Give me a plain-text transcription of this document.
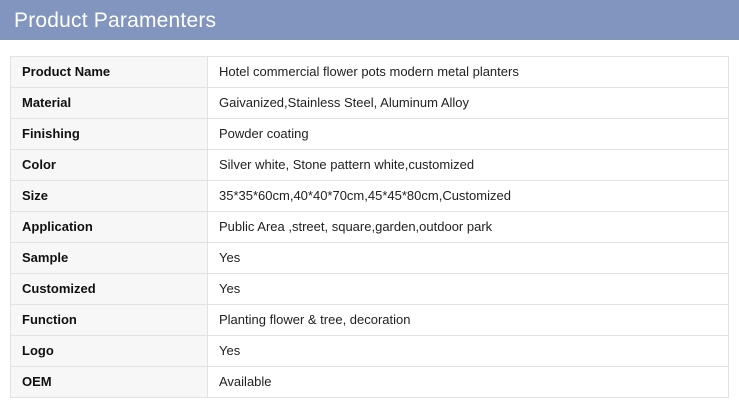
Product Paramenters
Product Name	Hotel commercial flower pots modern metal planters
Material	Gaivanized,Stainless Steel, Aluminum Alloy
Finishing	Powder coating
Color	Silver white, Stone pattern white,customized
Size	35*35*60cm,40*40*70cm,45*45*80cm,Customized
Application	Public Area ,street, square,garden,outdoor park
Sample	Yes
Customized	Yes
Function	Planting flower & tree, decoration
Logo	Yes
OEM	Available
